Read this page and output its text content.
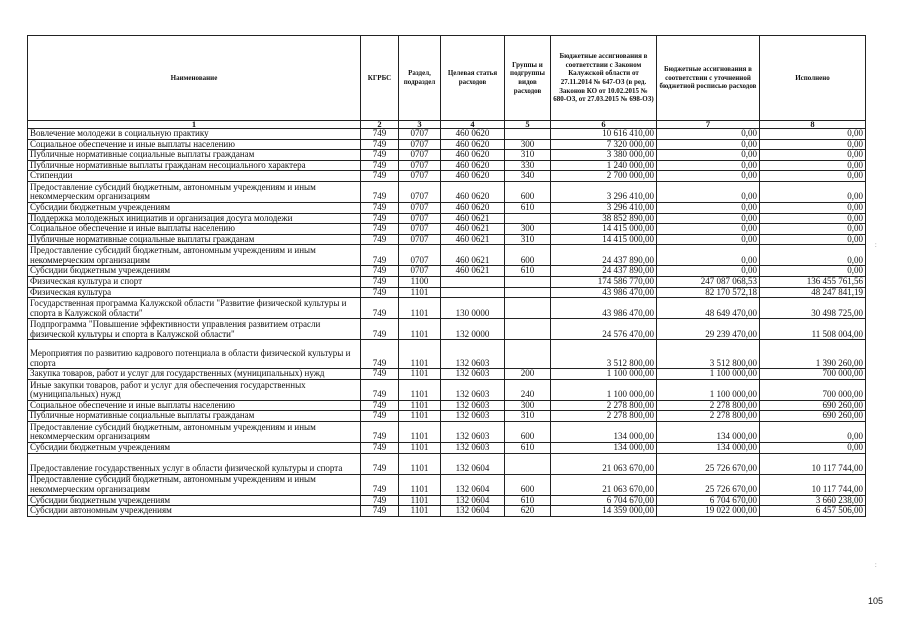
Наименование	КГРБС	Раздел, подраздел	Целевая статья расходов	Группы и подгруппы видов расходов	Бюджетные ассигнования в соответствии с Законом Калужской области от 27.11.2014 № 647-ОЗ (в ред. Законов КО от 10.02.2015 № 680-ОЗ, от 27.03.2015 № 698-ОЗ)	Бюджетные ассигнования в соответствии с уточненной бюджетной росписью расходов	Исполнено
1	2	3	4	5	6	7	8
Вовлечение молодежи в социальную практику	749	0707	460 0620		10 616 410,00	0,00	0,00
Социальное обеспечение и иные выплаты населению	749	0707	460 0620	300	7 320 000,00	0,00	0,00
Публичные нормативные социальные выплаты гражданам	749	0707	460 0620	310	3 380 000,00	0,00	0,00
Публичные нормативные выплаты гражданам несоциального характера	749	0707	460 0620	330	1 240 000,00	0,00	0,00
Стипендии	749	0707	460 0620	340	2 700 000,00	0,00	0,00
Предоставление субсидий бюджетным, автономным учреждениям и иным некоммерческим организациям	749	0707	460 0620	600	3 296 410,00	0,00	0,00
Субсидии бюджетным учреждениям	749	0707	460 0620	610	3 296 410,00	0,00	0,00
Поддержка молодежных инициатив и организация досуга молодежи	749	0707	460 0621		38 852 890,00	0,00	0,00
Социальное обеспечение и иные выплаты населению	749	0707	460 0621	300	14 415 000,00	0,00	0,00
Публичные нормативные социальные выплаты гражданам	749	0707	460 0621	310	14 415 000,00	0,00	0,00
Предоставление субсидий бюджетным, автономным учреждениям и иным некоммерческим организациям	749	0707	460 0621	600	24 437 890,00	0,00	0,00
Субсидии бюджетным учреждениям	749	0707	460 0621	610	24 437 890,00	0,00	0,00
Физическая культура и спорт	749	1100			174 586 770,00	247 087 068,53	136 455 761,56
Физическая культура	749	1101			43 986 470,00	82 170 572,18	48 247 841,19
Государственная программа Калужской области "Развитие физической культуры и спорта в Калужской области"	749	1101	130 0000		43 986 470,00	48 649 470,00	30 498 725,00
Подпрограмма "Повышение эффективности управления развитием отрасли физической культуры и спорта в Калужской области"	749	1101	132 0000		24 576 470,00	29 239 470,00	11 508 004,00
Мероприятия по развитию кадрового потенциала в области физической культуры и спорта	749	1101	132 0603		3 512 800,00	3 512 800,00	1 390 260,00
Закупка товаров, работ и услуг для государственных (муниципальных) нужд	749	1101	132 0603	200	1 100 000,00	1 100 000,00	700 000,00
Иные закупки товаров, работ и услуг для обеспечения государственных (муниципальных) нужд	749	1101	132 0603	240	1 100 000,00	1 100 000,00	700 000,00
Социальное обеспечение и иные выплаты населению	749	1101	132 0603	300	2 278 800,00	2 278 800,00	690 260,00
Публичные нормативные социальные выплаты гражданам	749	1101	132 0603	310	2 278 800,00	2 278 800,00	690 260,00
Предоставление субсидий бюджетным, автономным учреждениям и иным некоммерческим организациям	749	1101	132 0603	600	134 000,00	134 000,00	0,00
Субсидии бюджетным учреждениям	749	1101	132 0603	610	134 000,00	134 000,00	0,00
Предоставление государственных услуг в области физической культуры и спорта	749	1101	132 0604		21 063 670,00	25 726 670,00	10 117 744,00
Предоставление субсидий бюджетным, автономным учреждениям и иным некоммерческим организациям	749	1101	132 0604	600	21 063 670,00	25 726 670,00	10 117 744,00
Субсидии бюджетным учреждениям	749	1101	132 0604	610	6 704 670,00	6 704 670,00	3 660 238,00
Субсидии автономным учреждениям	749	1101	132 0604	620	14 359 000,00	19 022 000,00	6 457 506,00
105
:
:
